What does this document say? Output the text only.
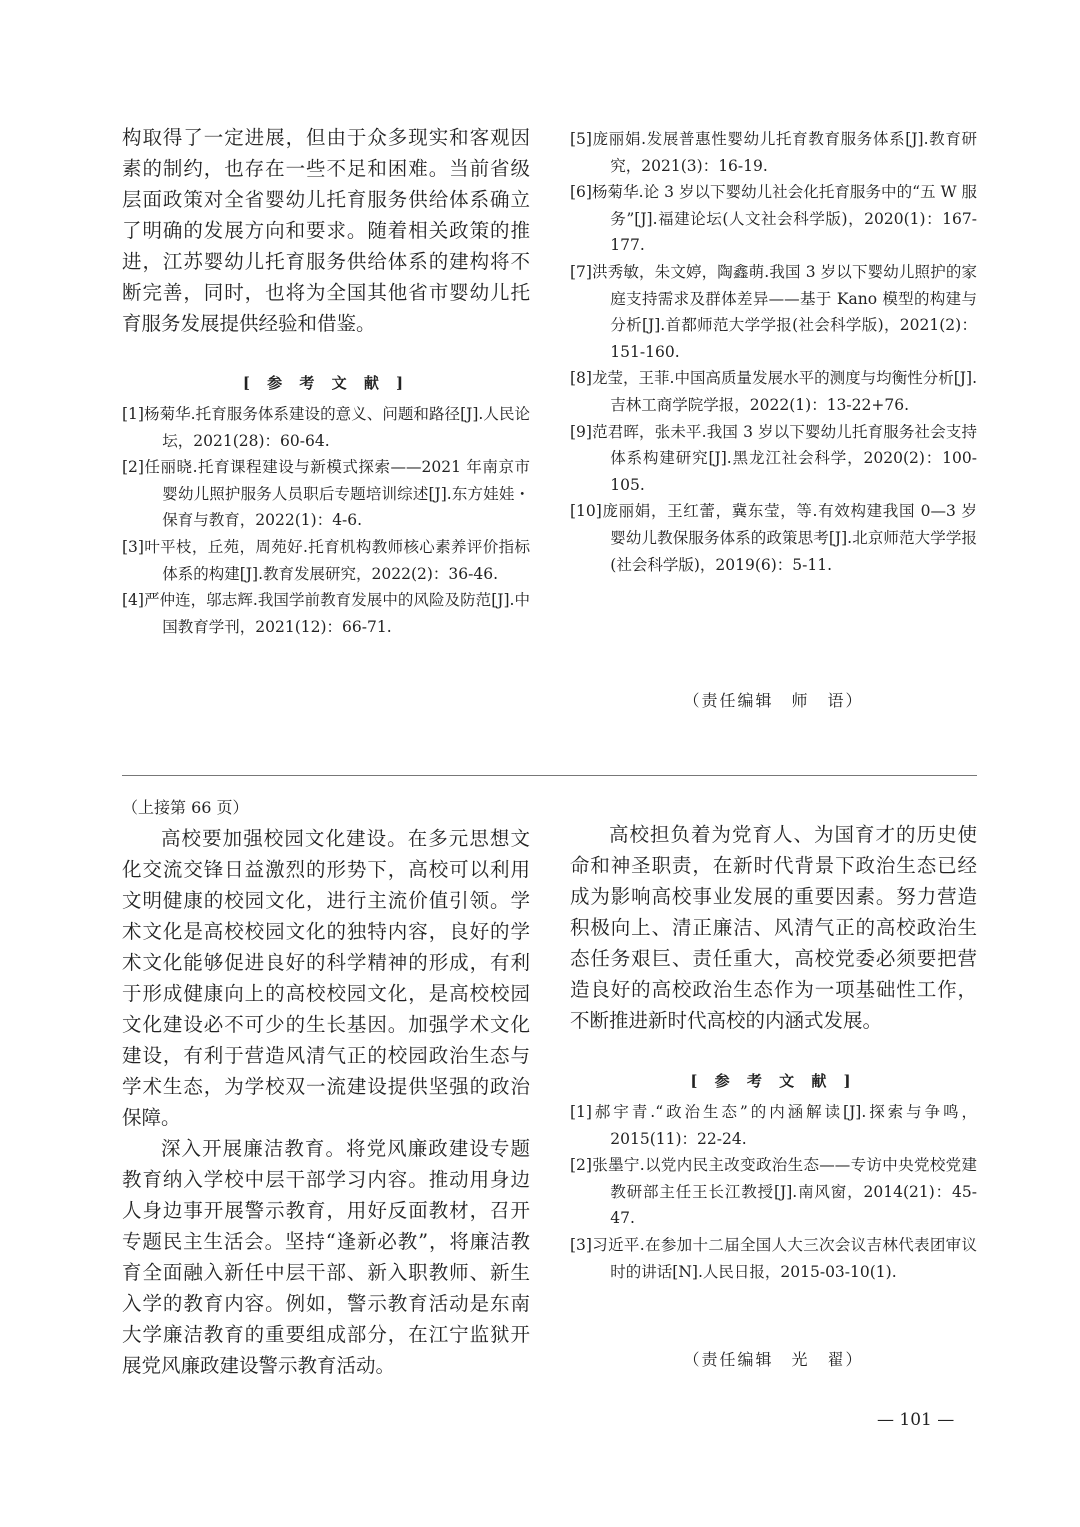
构取得了一定进展，但由于众多现实和客观因素的制约，也存在一些不足和困难。当前省级层面政策对全省婴幼儿托育服务供给体系确立了明确的发展方向和要求。随着相关政策的推进，江苏婴幼儿托育服务供给体系的建构将不断完善，同时，也将为全国其他省市婴幼儿托育服务发展提供经验和借鉴。

[ 参 考 文 献 ]

[1]杨菊华.托育服务体系建设的意义、问题和路径[J].人民论坛，2021(28)：60-64.

[2]任丽晓.托育课程建设与新模式探索——2021 年南京市婴幼儿照护服务人员职后专题培训综述[J].东方娃娃・保育与教育，2022(1)：4-6.

[3]叶平枝，丘苑，周苑好.托育机构教师核心素养评价指标体系的构建[J].教育发展研究，2022(2)：36-46.

[4]严仲连，邬志辉.我国学前教育发展中的风险及防范[J].中国教育学刊，2021(12)：66-71.

[5]庞丽娟.发展普惠性婴幼儿托育教育服务体系[J].教育研究，2021(3)：16-19.

[6]杨菊华.论 3 岁以下婴幼儿社会化托育服务中的“五 W 服务”[J].福建论坛(人文社会科学版)，2020(1)：167-177.

[7]洪秀敏，朱文婷，陶鑫萌.我国 3 岁以下婴幼儿照护的家庭支持需求及群体差异——基于 Kano 模型的构建与分析[J].首都师范大学学报(社会科学版)，2021(2)：151-160.

[8]龙莹，王菲.中国高质量发展水平的测度与均衡性分析[J].吉林工商学院学报，2022(1)：13-22+76.

[9]范君晖，张未平.我国 3 岁以下婴幼儿托育服务社会支持体系构建研究[J].黑龙江社会科学，2020(2)：100-105.

[10]庞丽娟，王红蕾，冀东莹，等.有效构建我国 0—3 岁婴幼儿教保服务体系的政策思考[J].北京师范大学学报(社会科学版)，2019(6)：5-11.

（责任编辑　师　语）

（上接第 66 页）

高校要加强校园文化建设。在多元思想文化交流交锋日益激烈的形势下，高校可以利用文明健康的校园文化，进行主流价值引领。学术文化是高校校园文化的独特内容，良好的学术文化能够促进良好的科学精神的形成，有利于形成健康向上的高校校园文化，是高校校园文化建设必不可少的生长基因。加强学术文化建设，有利于营造风清气正的校园政治生态与学术生态，为学校双一流建设提供坚强的政治保障。

深入开展廉洁教育。将党风廉政建设专题教育纳入学校中层干部学习内容。推动用身边人身边事开展警示教育，用好反面教材，召开专题民主生活会。坚持“逢新必教”，将廉洁教育全面融入新任中层干部、新入职教师、新生入学的教育内容。例如，警示教育活动是东南大学廉洁教育的重要组成部分，在江宁监狱开展党风廉政建设警示教育活动。

高校担负着为党育人、为国育才的历史使命和神圣职责，在新时代背景下政治生态已经成为影响高校事业发展的重要因素。努力营造积极向上、清正廉洁、风清气正的高校政治生态任务艰巨、责任重大，高校党委必须要把营造良好的高校政治生态作为一项基础性工作，不断推进新时代高校的内涵式发展。

[ 参 考 文 献 ]

[1]郝宇青.“政治生态”的内涵解读[J].探索与争鸣，2015(11)：22-24.

[2]张墨宁.以党内民主改变政治生态——专访中央党校党建教研部主任王长江教授[J].南风窗，2014(21)：45-47.

[3]习近平.在参加十二届全国人大三次会议吉林代表团审议时的讲话[N].人民日报，2015-03-10(1).

（责任编辑　光　翟）
— 101 —
